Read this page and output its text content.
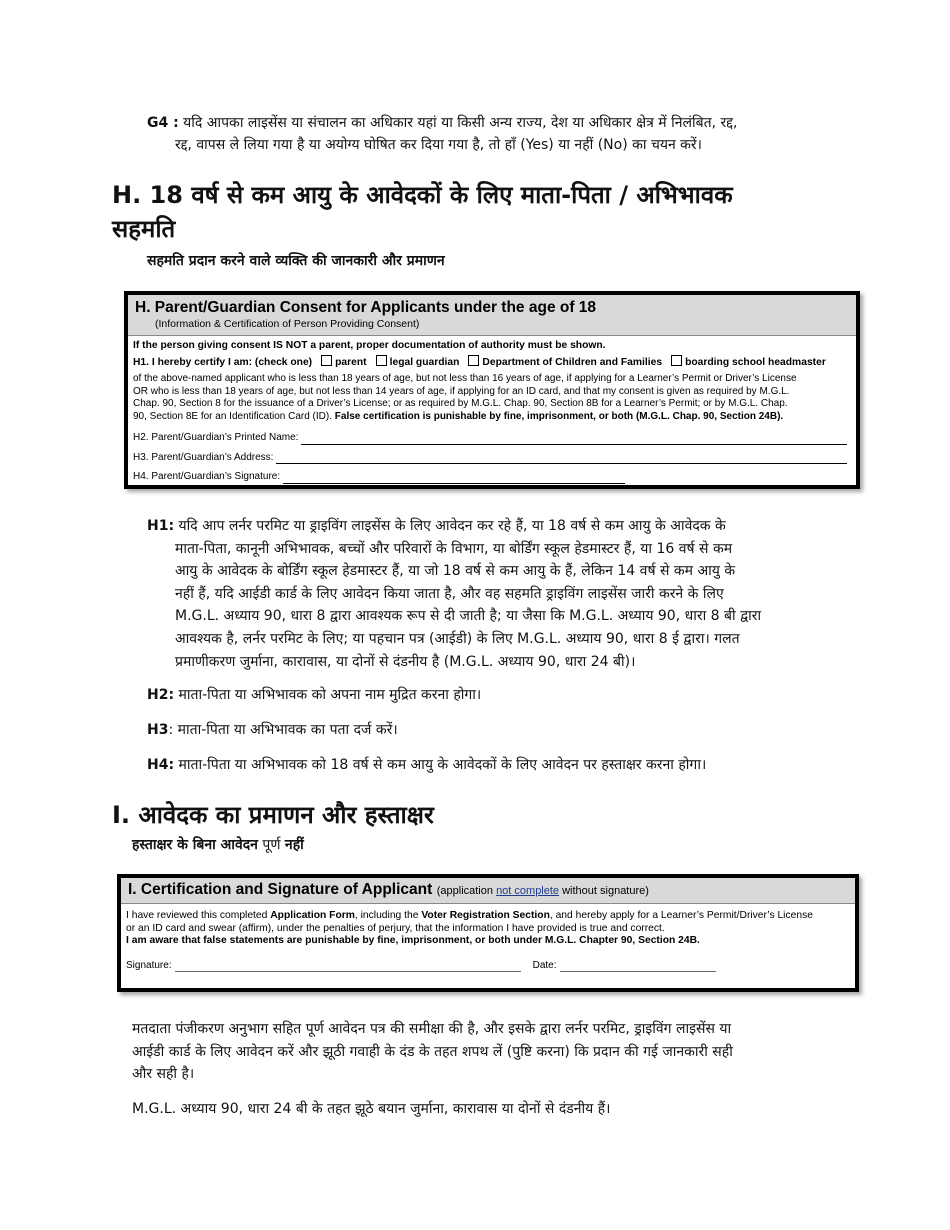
G4 : यदि आपका लाइसेंस या संचालन का अधिकार यहां या किसी अन्य राज्य, देश या अधिकार क्षेत्र में निलंबित, रद्द,
रद्द, वापस ले लिया गया है या अयोग्य घोषित कर दिया गया है, तो हाँ (Yes) या नहीं (No) का चयन करें।
H. 18 वर्ष से कम आयु के आवेदकों के लिए माता-पिता / अभिभावक
सहमति
सहमति प्रदान करने वाले व्यक्ति की जानकारी और प्रमाणन
H. Parent/Guardian Consent for Applicants under the age of 18
(Information & Certification of Person Providing Consent)
If the person giving consent IS NOT a parent, proper documentation of authority must be shown.
H1. I hereby certify I am: (check one) parent legal guardian Department of Children and Families boarding school headmaster
of the above-named applicant who is less than 18 years of age, but not less than 16 years of age, if applying for a Learner’s Permit or Driver’s License
OR who is less than 18 years of age, but not less than 14 years of age, if applying for an ID card, and that my consent is given as required by M.G.L.
Chap. 90, Section 8 for the issuance of a Driver’s License; or as required by M.G.L. Chap. 90, Section 8B for a Learner’s Permit; or by M.G.L. Chap.
90, Section 8E for an Identification Card (ID). False certification is punishable by fine, imprisonment, or both (M.G.L. Chap. 90, Section 24B).
H2. Parent/Guardian’s Printed Name:
H3. Parent/Guardian’s Address:
H4. Parent/Guardian’s Signature:
H1: यदि आप लर्नर परमिट या ड्राइविंग लाइसेंस के लिए आवेदन कर रहे हैं, या 18 वर्ष से कम आयु के आवेदक के
माता-पिता, कानूनी अभिभावक, बच्चों और परिवारों के विभाग, या बोर्डिंग स्कूल हेडमास्टर हैं, या 16 वर्ष से कम
आयु के आवेदक के बोर्डिंग स्कूल हेडमास्टर हैं, या जो 18 वर्ष से कम आयु के हैं, लेकिन 14 वर्ष से कम आयु के
नहीं हैं, यदि आईडी कार्ड के लिए आवेदन किया जाता है, और वह सहमति ड्राइविंग लाइसेंस जारी करने के लिए
M.G.L. अध्याय 90, धारा 8 द्वारा आवश्यक रूप से दी जाती है; या जैसा कि M.G.L. अध्याय 90, धारा 8 बी द्वारा
आवश्यक है, लर्नर परमिट के लिए; या पहचान पत्र (आईडी) के लिए M.G.L. अध्याय 90, धारा 8 ई द्वारा। गलत
प्रमाणीकरण जुर्माना, कारावास, या दोनों से दंडनीय है (M.G.L. अध्याय 90, धारा 24 बी)।
H2: माता-पिता या अभिभावक को अपना नाम मुद्रित करना होगा।
H3: माता-पिता या अभिभावक का पता दर्ज करें।
H4: माता-पिता या अभिभावक को 18 वर्ष से कम आयु के आवेदकों के लिए आवेदन पर हस्ताक्षर करना होगा।
I. आवेदक का प्रमाणन और हस्ताक्षर
हस्ताक्षर के बिना आवेदन पूर्ण नहीं
I. Certification and Signature of Applicant (application not complete without signature)
I have reviewed this completed Application Form, including the Voter Registration Section, and hereby apply for a Learner’s Permit/Driver’s License
or an ID card and swear (affirm), under the penalties of perjury, that the information I have provided is true and correct.
I am aware that false statements are punishable by fine, imprisonment, or both under M.G.L. Chapter 90, Section 24B.
Signature:	Date:
मतदाता पंजीकरण अनुभाग सहित पूर्ण आवेदन पत्र की समीक्षा की है, और इसके द्वारा लर्नर परमिट, ड्राइविंग लाइसेंस या
आईडी कार्ड के लिए आवेदन करें और झूठी गवाही के दंड के तहत शपथ लें (पुष्टि करना) कि प्रदान की गई जानकारी सही
और सही है।
M.G.L. अध्याय 90, धारा 24 बी के तहत झूठे बयान जुर्माना, कारावास या दोनों से दंडनीय हैं।
